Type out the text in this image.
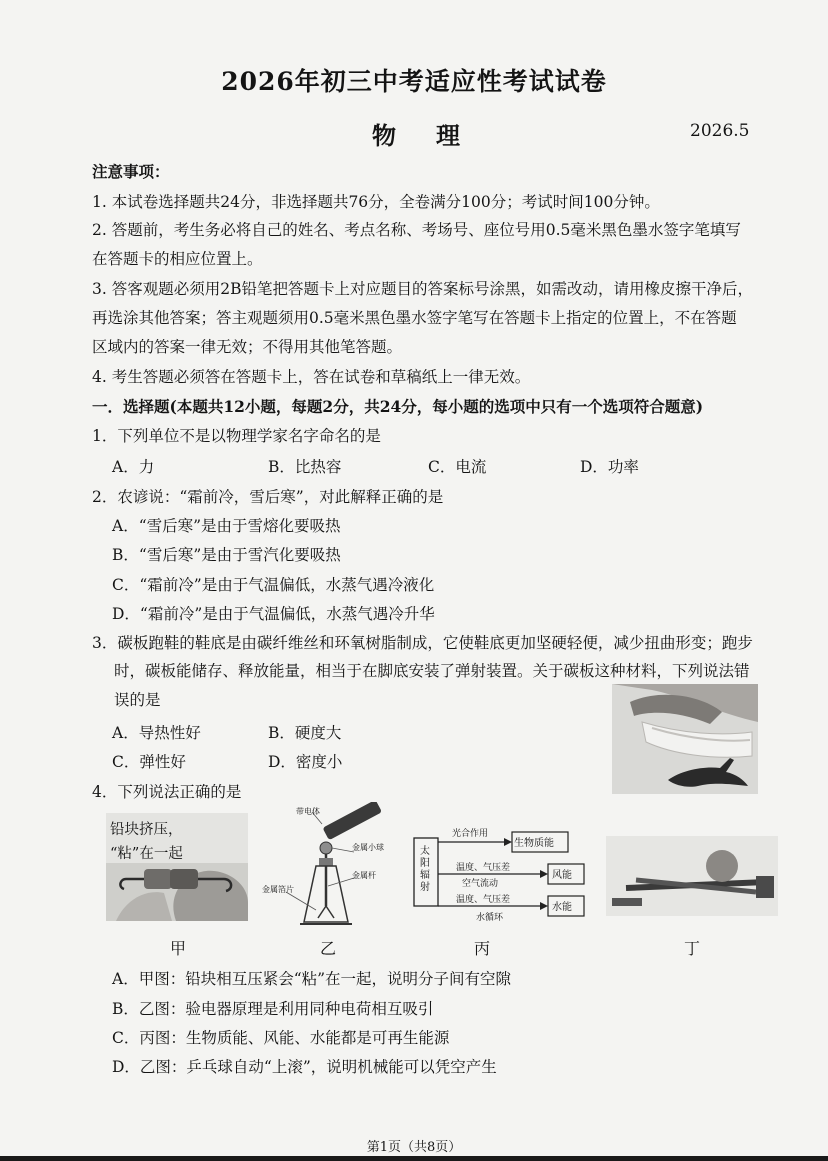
2026年初三中考适应性考试试卷
物理	2026.5
注意事项：
1. 本试卷选择题共24分，非选择题共76分，全卷满分100分；考试时间100分钟。
2. 答题前，考生务必将自己的姓名、考点名称、考场号、座位号用0.5毫米黑色墨水签字笔填写
在答题卡的相应位置上。
3. 答客观题必须用2B铅笔把答题卡上对应题目的答案标号涂黑，如需改动，请用橡皮擦干净后，
再选涂其他答案；答主观题须用0.5毫米黑色墨水签字笔写在答题卡上指定的位置上，不在答题
区域内的答案一律无效；不得用其他笔答题。
4. 考生答题必须答在答题卡上，答在试卷和草稿纸上一律无效。
一．选择题(本题共12小题，每题2分，共24分，每小题的选项中只有一个选项符合题意)
1．下列单位不是以物理学家名字命名的是
A．力	B．比热容	C．电流	D．功率
2．农谚说：“霜前冷，雪后寒”，对此解释正确的是
A．“雪后寒”是由于雪熔化要吸热
B．“雪后寒”是由于雪汽化要吸热
C．“霜前冷”是由于气温偏低，水蒸气遇冷液化
D．“霜前冷”是由于气温偏低，水蒸气遇冷升华
3．碳板跑鞋的鞋底是由碳纤维丝和环氧树脂制成，它使鞋底更加坚硬轻便，减少扭曲形变；跑步
时，碳板能储存、释放能量，相当于在脚底安装了弹射装置。关于碳板这种材料，下列说法错
误的是
A．导热性好	B．硬度大
C．弹性好	D．密度小
4．下列说法正确的是
铅块挤压，
“粘”在一起
带电体
金属小球
金属杆
金属箔片
太阳辐射
光合作用
生物质能
温度、气压差
空气流动
风能
温度、气压差
水循环
水能
甲	乙	丙	丁
A．甲图：铅块相互压紧会“粘”在一起，说明分子间有空隙
B．乙图：验电器原理是利用同种电荷相互吸引
C．丙图：生物质能、风能、水能都是可再生能源
D．乙图：乒乓球自动“上滚”，说明机械能可以凭空产生
第1页（共8页）
